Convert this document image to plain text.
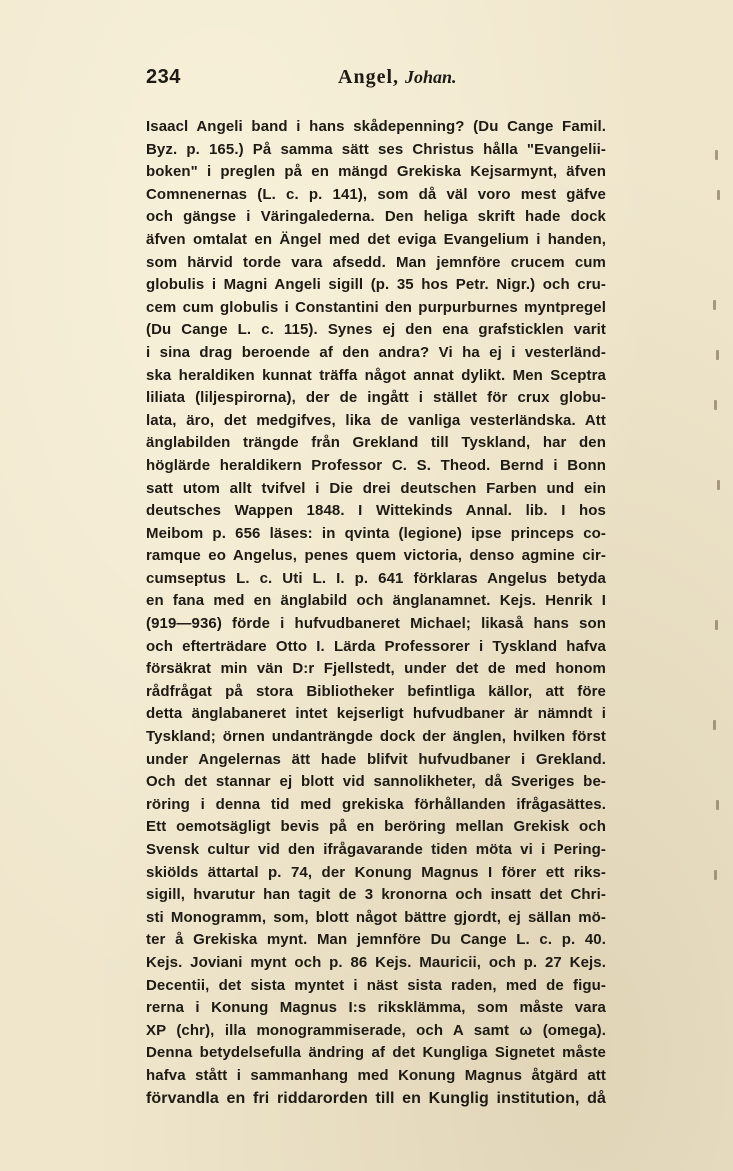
234	Angel, Johan.
Isaacl Angeli band i hans skådepenning? (Du Cange Famil.
Byz. p. 165.) På samma sätt ses Christus hålla "Evangelii-
boken" i preglen på en mängd Grekiska Kejsarmynt, äfven
Comnenernas (L. c. p. 141), som då väl voro mest gäfve
och gängse i Väringalederna. Den heliga skrift hade dock
äfven omtalat en Ängel med det eviga Evangelium i handen,
som härvid torde vara afsedd. Man jemnföre crucem cum
globulis i Magni Angeli sigill (p. 35 hos Petr. Nigr.) och cru-
cem cum globulis i Constantini den purpurburnes myntpregel
(Du Cange L. c. 115). Synes ej den ena grafsticklen varit
i sina drag beroende af den andra? Vi ha ej i vesterländ-
ska heraldiken kunnat träffa något annat dylikt. Men Sceptra
liliata (liljespirorna), der de ingått i stället för crux globu-
lata, äro, det medgifves, lika de vanliga vesterländska. Att
änglabilden trängde från Grekland till Tyskland, har den
höglärde heraldikern Professor C. S. Theod. Bernd i Bonn
satt utom allt tvifvel i Die drei deutschen Farben und ein
deutsches Wappen 1848. I Wittekinds Annal. lib. I hos
Meibom p. 656 läses: in qvinta (legione) ipse princeps co-
ramque eo Angelus, penes quem victoria, denso agmine cir-
cumseptus L. c. Uti L. I. p. 641 förklaras Angelus betyda
en fana med en änglabild och änglanamnet. Kejs. Henrik I
(919—936) förde i hufvudbaneret Michael; likaså hans son
och efterträdare Otto I. Lärda Professorer i Tyskland hafva
försäkrat min vän D:r Fjellstedt, under det de med honom
rådfrågat på stora Bibliotheker befintliga källor, att före
detta änglabaneret intet kejserligt hufvudbaner är nämndt i
Tyskland; örnen undanträngde dock der änglen, hvilken först
under Angelernas ätt hade blifvit hufvudbaner i Grekland.
Och det stannar ej blott vid sannolikheter, då Sveriges be-
röring i denna tid med grekiska förhållanden ifrågasättes.
Ett oemotsägligt bevis på en beröring mellan Grekisk och
Svensk cultur vid den ifrågavarande tiden möta vi i Pering-
skiölds ättartal p. 74, der Konung Magnus I förer ett riks-
sigill, hvarutur han tagit de 3 kronorna och insatt det Chri-
sti Monogramm, som, blott något bättre gjordt, ej sällan mö-
ter å Grekiska mynt. Man jemnföre Du Cange L. c. p. 40.
Kejs. Joviani mynt och p. 86 Kejs. Mauricii, och p. 27 Kejs.
Decentii, det sista myntet i näst sista raden, med de figu-
rerna i Konung Magnus I:s riksklämma, som måste vara
XP (chr), illa monogrammiserade, och A samt ω (omega).
Denna betydelsefulla ändring af det Kungliga Signetet måste
hafva stått i sammanhang med Konung Magnus åtgärd att
förvandla en fri riddarorden till en Kunglig institution, då
